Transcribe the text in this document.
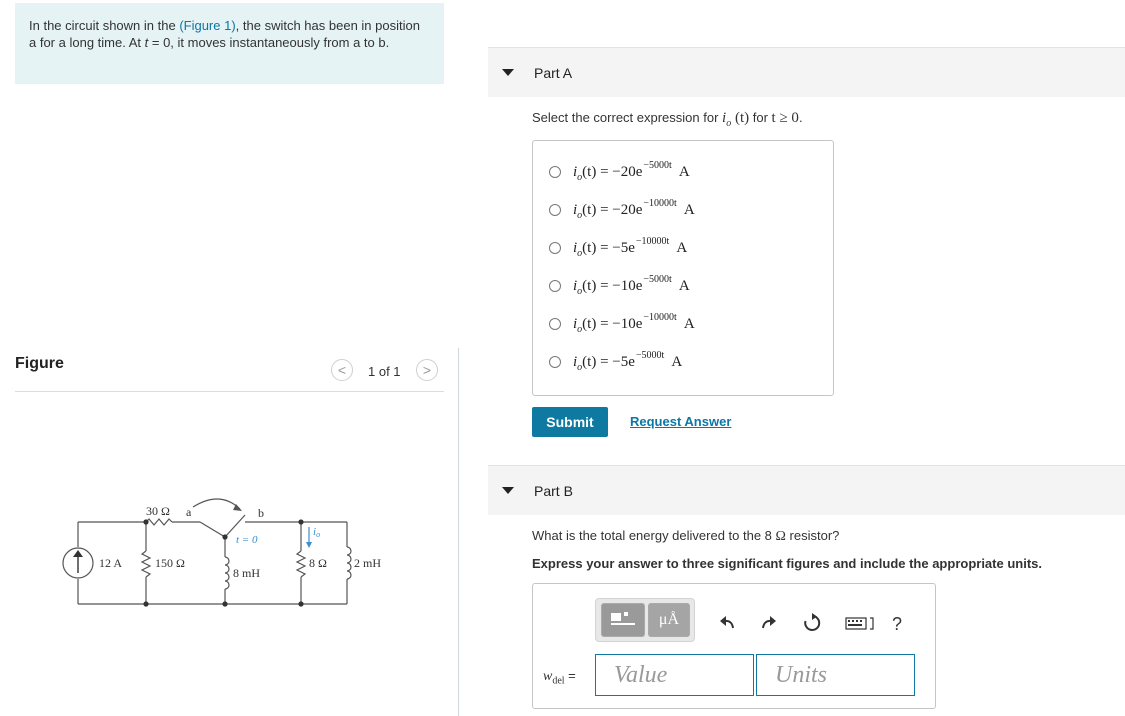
In the circuit shown in the (Figure 1), the switch has been in position a for a long time. At t = 0, it moves instantaneously from a to b.
Figure	< 1 of 1 >
30 Ω a	b
12 A	150 Ω
8 mH
8 Ω 2 mH
t = 0
io
Part A
Select the correct expression for $i_o$ (t) for t ≥ 0.
$i_o(t) = -20e^{-5000t}$ A
$i_o(t) = -20e^{-10000t}$ A
$i_o(t) = -5e^{-10000t}$ A
$i_o(t) = -10e^{-5000t}$ A
$i_o(t) = -10e^{-10000t}$ A
$i_o(t) = -5e^{-5000t}$ A
Submit	Request Answer
Part B
What is the total energy delivered to the 8 Ω resistor?
Express your answer to three significant figures and include the appropriate units.
μÅ	?
$w_{del}$ =
Value
Units
